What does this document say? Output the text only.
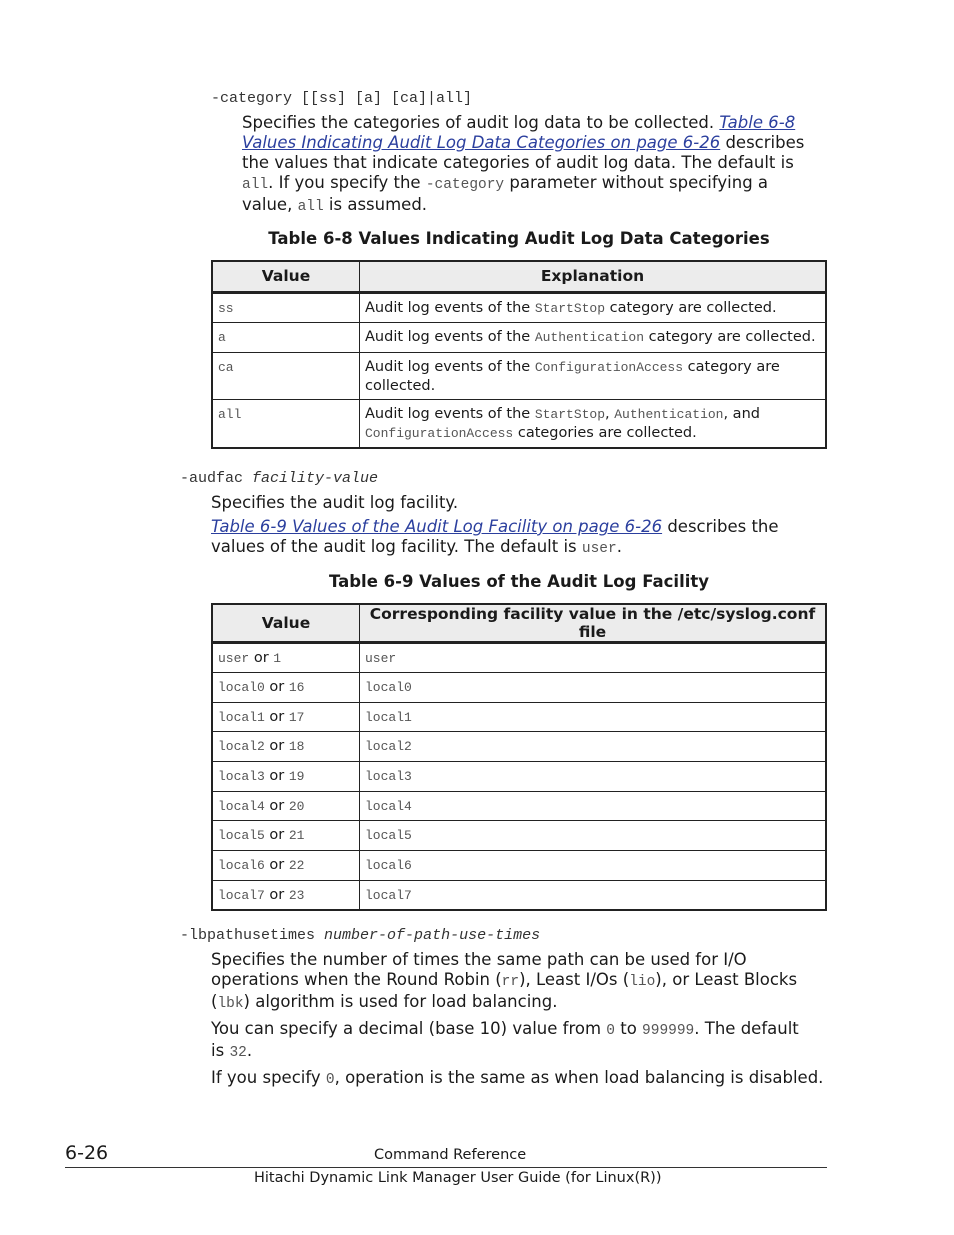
-category [[ss] [a] [ca]|all]
Specifies the categories of audit log data to be collected. Table 6-8
Values Indicating Audit Log Data Categories on page 6-26 describes
the values that indicate categories of audit log data. The default is
all. If you specify the -category parameter without specifying a
value, all is assumed.
Table 6-8 Values Indicating Audit Log Data Categories
Value	Explanation
ss	Audit log events of the StartStop category are collected.
a	Audit log events of the Authentication category are collected.
ca	Audit log events of the ConfigurationAccess category are collected.
all	Audit log events of the StartStop, Authentication, and
ConfigurationAccess categories are collected.
-audfac facility-value
Specifies the audit log facility.
Table 6-9 Values of the Audit Log Facility on page 6-26 describes the
values of the audit log facility. The default is user.
Table 6-9 Values of the Audit Log Facility
Value	Corresponding facility value in the /etc/syslog.conf file
user or 1	user
local0 or 16	local0
local1 or 17	local1
local2 or 18	local2
local3 or 19	local3
local4 or 20	local4
local5 or 21	local5
local6 or 22	local6
local7 or 23	local7
-lbpathusetimes number-of-path-use-times
Specifies the number of times the same path can be used for I/O
operations when the Round Robin (rr), Least I/Os (lio), or Least Blocks
(lbk) algorithm is used for load balancing.
You can specify a decimal (base 10) value from 0 to 999999. The default
is 32.
If you specify 0, operation is the same as when load balancing is disabled.
6-26	Command Reference
Hitachi Dynamic Link Manager User Guide (for Linux(R))
